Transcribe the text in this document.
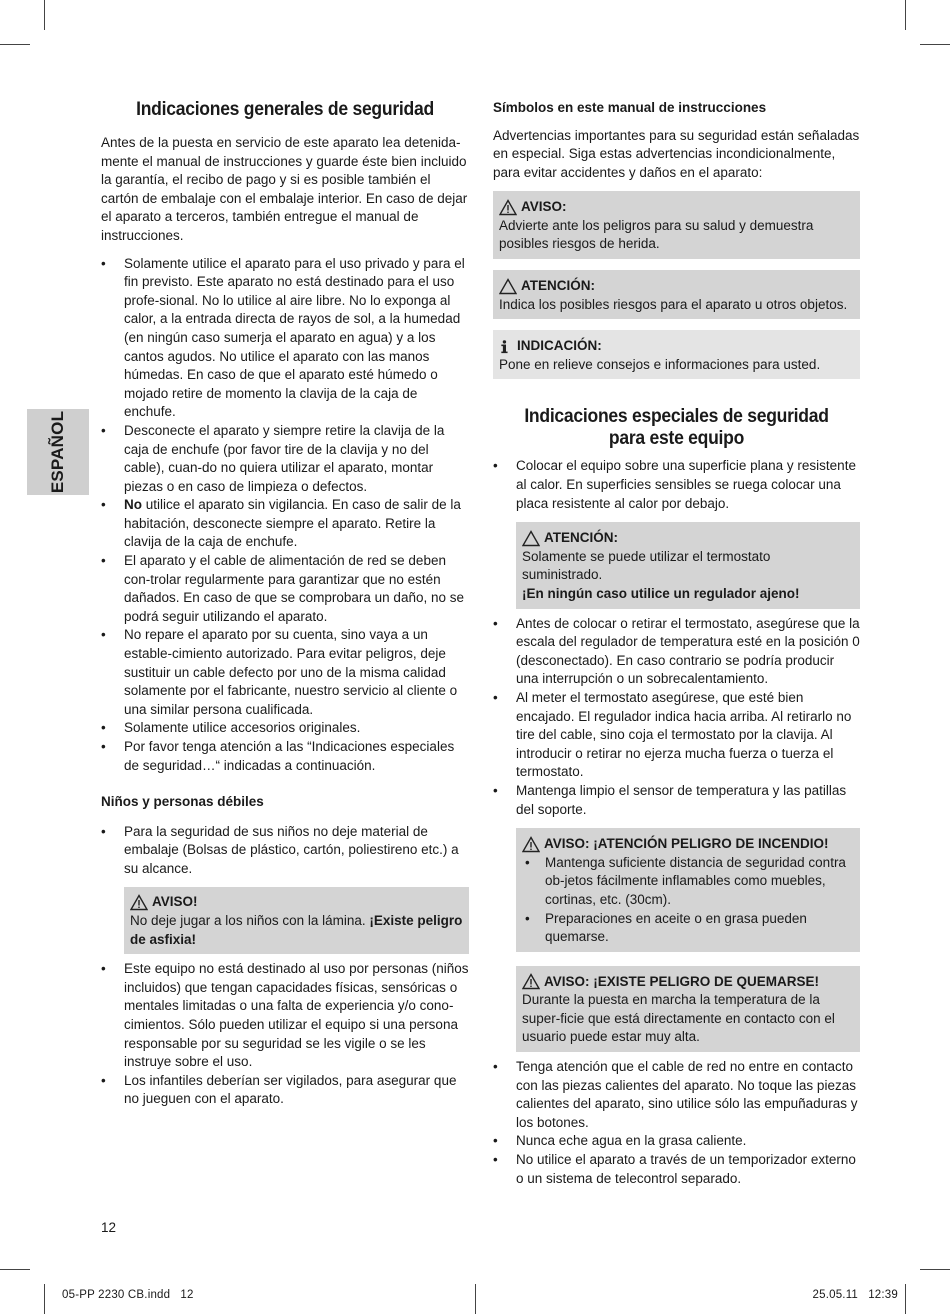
ESPAÑOL
Indicaciones generales de seguridad

Antes de la puesta en servicio de este aparato lea detenida-mente el manual de instrucciones y guarde éste bien incluido la garantía, el recibo de pago y si es posible también el cartón de embalaje con el embalaje interior. En caso de dejar el aparato a terceros, también entregue el manual de instrucciones.

• Solamente utilice el aparato para el uso privado y para el fin previsto. Este aparato no está destinado para el uso profe-sional. No lo utilice al aire libre. No lo exponga al calor, a la entrada directa de rayos de sol, a la humedad (en ningún caso sumerja el aparato en agua) y a los cantos agudos. No utilice el aparato con las manos húmedas. En caso de que el aparato esté húmedo o mojado retire de momento la clavija de la caja de enchufe.
• Desconecte el aparato y siempre retire la clavija de la caja de enchufe (por favor tire de la clavija y no del cable), cuan-do no quiera utilizar el aparato, montar piezas o en caso de limpieza o defectos.
• No utilice el aparato sin vigilancia. En caso de salir de la habitación, desconecte siempre el aparato. Retire la clavija de la caja de enchufe.
• El aparato y el cable de alimentación de red se deben con-trolar regularmente para garantizar que no estén dañados. En caso de que se comprobara un daño, no se podrá seguir utilizando el aparato.
• No repare el aparato por su cuenta, sino vaya a un estable-cimiento autorizado. Para evitar peligros, deje sustituir un cable defecto por uno de la misma calidad solamente por el fabricante, nuestro servicio al cliente o una similar persona cualificada.
• Solamente utilice accesorios originales.
• Por favor tenga atención a las “Indicaciones especiales de seguridad…“ indicadas a continuación.
Niños y personas débiles
• Para la seguridad de sus niños no deje material de embalaje (Bolsas de plástico, cartón, poliestireno etc.) a su alcance.
AVISO!
No deje jugar a los niños con la lámina. ¡Existe peligro de asfixia!
• Este equipo no está destinado al uso por personas (niños incluidos) que tengan capacidades físicas, sensóricas o mentales limitadas o una falta de experiencia y/o cono-cimientos. Sólo pueden utilizar el equipo si una persona responsable por su seguridad se les vigile o se les instruye sobre el uso.
• Los infantiles deberían ser vigilados, para asegurar que no jueguen con el aparato.
Símbolos en este manual de instrucciones

Advertencias importantes para su seguridad están señaladas en especial. Siga estas advertencias incondicionalmente, para evitar accidentes y daños en el aparato:

AVISO:
Advierte ante los peligros para su salud y demuestra posibles riesgos de herida.
ATENCIÓN:
Indica los posibles riesgos para el aparato u otros objetos.
INDICACIÓN:
Pone en relieve consejos e informaciones para usted.
Indicaciones especiales de seguridad
para este equipo
• Colocar el equipo sobre una superficie plana y resistente al calor. En superficies sensibles se ruega colocar una placa resistente al calor por debajo.
ATENCIÓN:
Solamente se puede utilizar el termostato suministrado.
¡En ningún caso utilice un regulador ajeno!
• Antes de colocar o retirar el termostato, asegúrese que la escala del regulador de temperatura esté en la posición 0 (desconectado). En caso contrario se podría producir una interrupción o un sobrecalentamiento.
• Al meter el termostato asegúrese, que esté bien encajado. El regulador indica hacia arriba. Al retirarlo no tire del cable, sino coja el termostato por la clavija. Al introducir o retirar no ejerza mucha fuerza o tuerza el termostato.
• Mantenga limpio el sensor de temperatura y las patillas del soporte.
AVISO: ¡ATENCIÓN PELIGRO DE INCENDIO!
• Mantenga suficiente distancia de seguridad contra ob-jetos fácilmente inflamables como muebles, cortinas, etc. (30cm).
• Preparaciones en aceite o en grasa pueden quemarse.
AVISO: ¡EXISTE PELIGRO DE QUEMARSE!
Durante la puesta en marcha la temperatura de la super-ficie que está directamente en contacto con el usuario puede estar muy alta.
• Tenga atención que el cable de red no entre en contacto con las piezas calientes del aparato. No toque las piezas calientes del aparato, sino utilice sólo las empuñaduras y los botones.
• Nunca eche agua en la grasa caliente.
• No utilice el aparato a través de un temporizador externo o un sistema de telecontrol separado.
12
05-PP 2230 CB.indd   12	25.05.11   12:39
